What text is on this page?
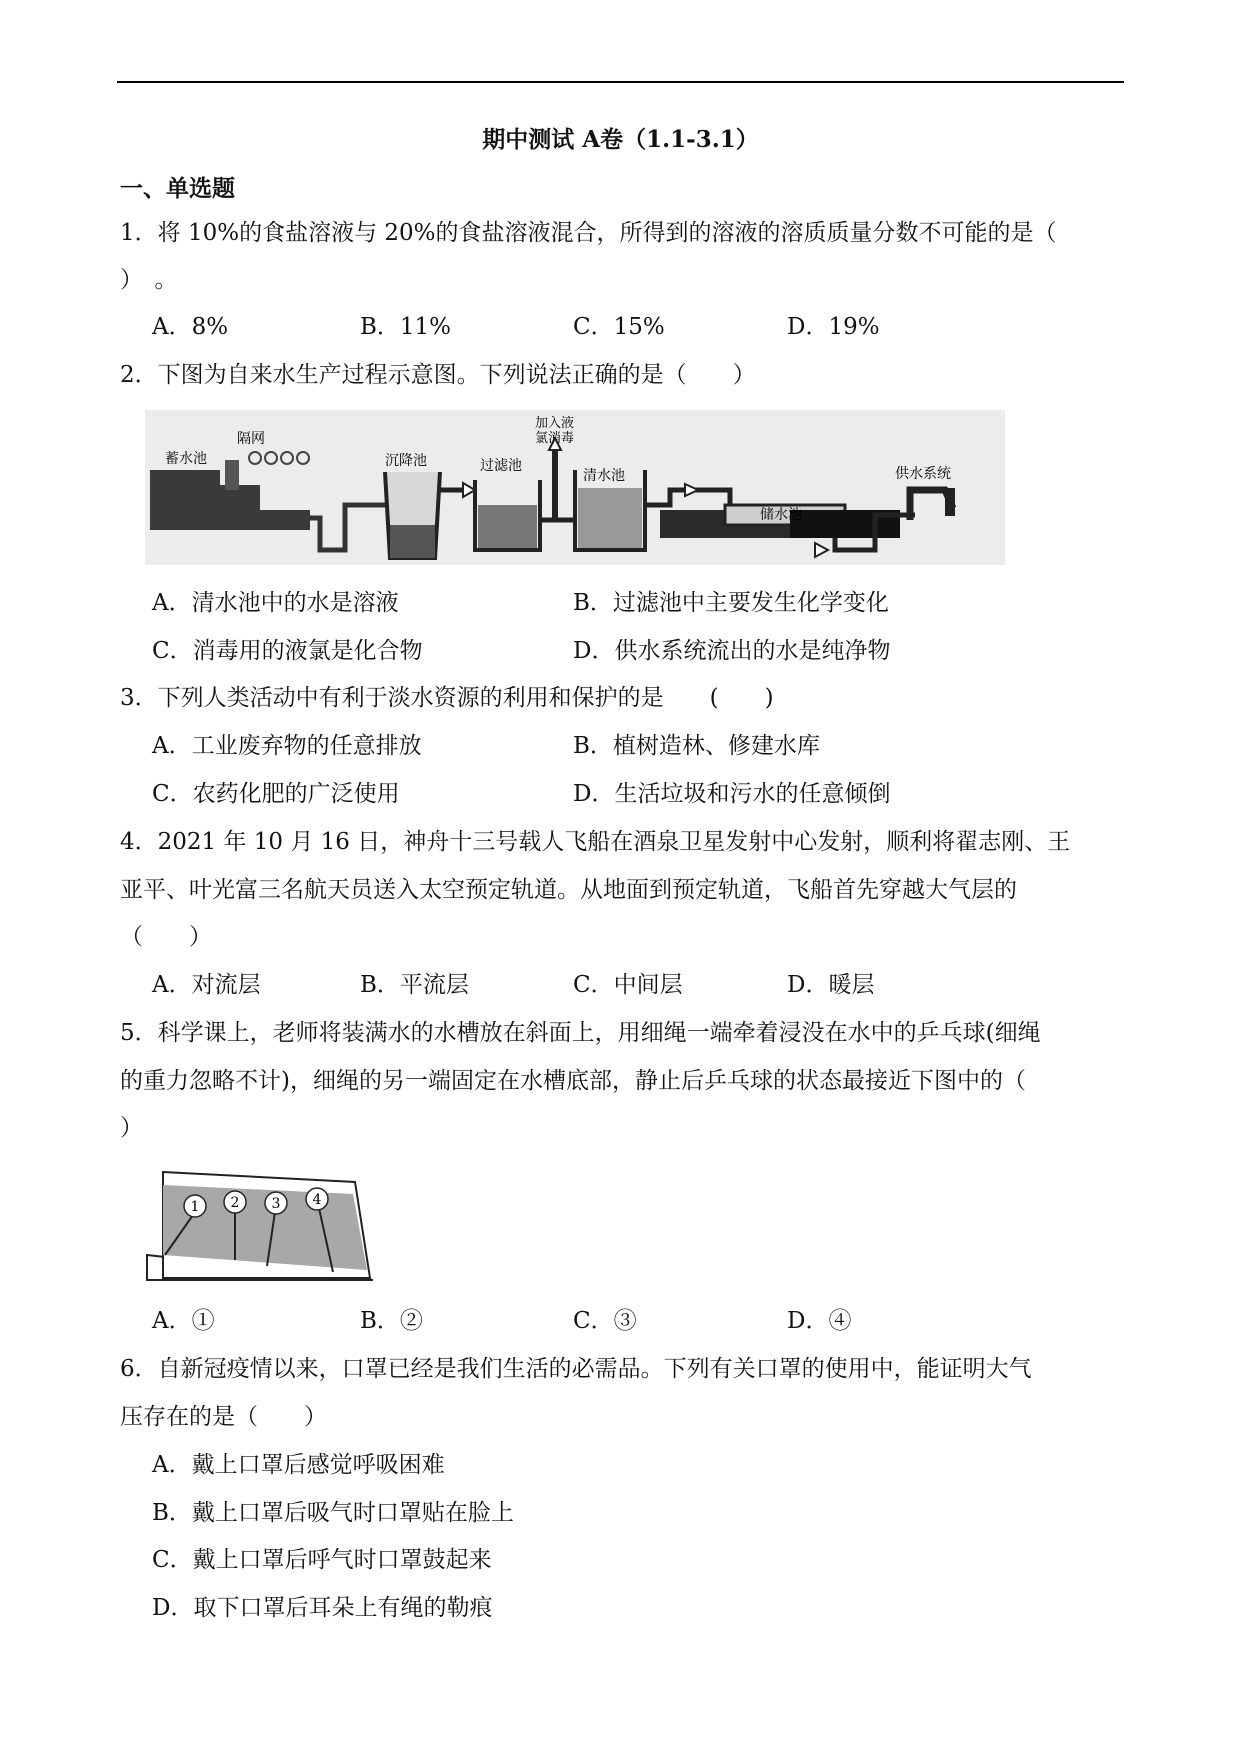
期中测试 A卷（1.1-3.1）
一、单选题
1．将 10%的食盐溶液与 20%的食盐溶液混合，所得到的溶液的溶质质量分数不可能的是（
）　。
A．8%	B．11%	C．15%	D．19%
2．下图为自来水生产过程示意图。下列说法正确的是（　　）
蓄水池
隔网
加入液
氯消毒
沉降池	过滤池
清水池
储水池
供水系统
A．清水池中的水是溶液	B．过滤池中主要发生化学变化
C．消毒用的液氯是化合物	D．供水系统流出的水是纯净物
3．下列人类活动中有利于淡水资源的利用和保护的是　　(　　)
A．工业废弃物的任意排放	B．植树造林、修建水库
C．农药化肥的广泛使用	D．生活垃圾和污水的任意倾倒
4．2021 年 10 月 16 日，神舟十三号载人飞船在酒泉卫星发射中心发射，顺利将翟志刚、王
亚平、叶光富三名航天员送入太空预定轨道。从地面到预定轨道，飞船首先穿越大气层的
（　　）
A．对流层	B．平流层	C．中间层	D．暖层
5．科学课上，老师将装满水的水槽放在斜面上，用细绳一端牵着浸没在水中的乒乓球(细绳
的重力忽略不计)，细绳的另一端固定在水槽底部，静止后乒乓球的状态最接近下图中的（
）
1 2 3 4
A．①	B．②	C．③	D．④
6．自新冠疫情以来，口罩已经是我们生活的必需品。下列有关口罩的使用中，能证明大气
压存在的是（　　）
A．戴上口罩后感觉呼吸困难
B．戴上口罩后吸气时口罩贴在脸上
C．戴上口罩后呼气时口罩鼓起来
D．取下口罩后耳朵上有绳的勒痕
